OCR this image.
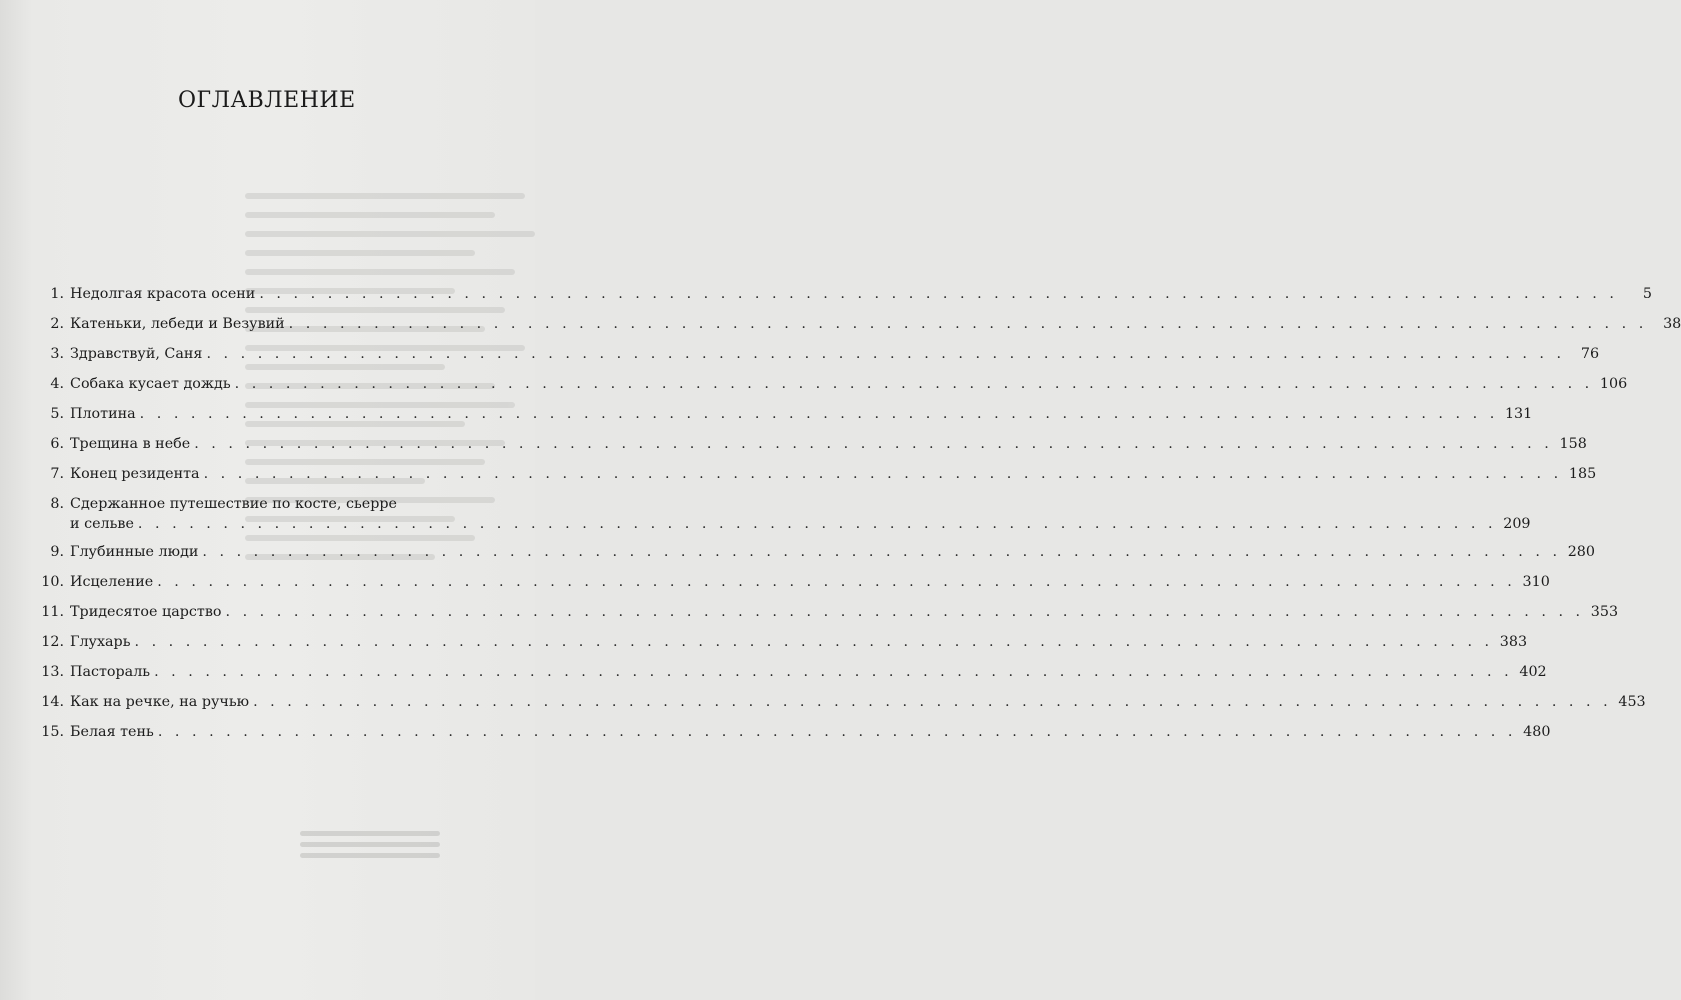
ОГЛАВЛЕНИЕ
1. Недолгая красота осени . . . . . . . . . . . . . . . . . . . . . . . . . . . . . . . . . . . . . . . . . . . . . . . . . . . . . . . . . . . . . . . . . . . . . . . . . . . . . . . .	5
2. Катеньки, лебеди и Везувий . . . . . . . . . . . . . . . . . . . . . . . . . . . . . . . . . . . . . . . . . . . . . . . . . . . . . . . . . . . . . . . . . . . . . . . . . . . . . . . .	38
3. Здравствуй, Саня . . . . . . . . . . . . . . . . . . . . . . . . . . . . . . . . . . . . . . . . . . . . . . . . . . . . . . . . . . . . . . . . . . . . . . . . . . . . . . . .	76
4. Собака кусает дождь . . . . . . . . . . . . . . . . . . . . . . . . . . . . . . . . . . . . . . . . . . . . . . . . . . . . . . . . . . . . . . . . . . . . . . . . . . . . . . . . 106
5. Плотина . . . . . . . . . . . . . . . . . . . . . . . . . . . . . . . . . . . . . . . . . . . . . . . . . . . . . . . . . . . . . . . . . . . . . . . . . . . . . . . . 131
6. Трещина в небе . . . . . . . . . . . . . . . . . . . . . . . . . . . . . . . . . . . . . . . . . . . . . . . . . . . . . . . . . . . . . . . . . . . . . . . . . . . . . . . . 158
7. Конец резидента . . . . . . . . . . . . . . . . . . . . . . . . . . . . . . . . . . . . . . . . . . . . . . . . . . . . . . . . . . . . . . . . . . . . . . . . . . . . . . . . 185
8. Сдержанное путешествие по косте, сьерре
и сельве . . . . . . . . . . . . . . . . . . . . . . . . . . . . . . . . . . . . . . . . . . . . . . . . . . . . . . . . . . . . . . . . . . . . . . . . . . . . . . . . 209
9. Глубинные люди . . . . . . . . . . . . . . . . . . . . . . . . . . . . . . . . . . . . . . . . . . . . . . . . . . . . . . . . . . . . . . . . . . . . . . . . . . . . . . . . 280
10. Исцеление . . . . . . . . . . . . . . . . . . . . . . . . . . . . . . . . . . . . . . . . . . . . . . . . . . . . . . . . . . . . . . . . . . . . . . . . . . . . . . . . 310
11. Тридесятое царство . . . . . . . . . . . . . . . . . . . . . . . . . . . . . . . . . . . . . . . . . . . . . . . . . . . . . . . . . . . . . . . . . . . . . . . . . . . . . . . . 353
12. Глухарь . . . . . . . . . . . . . . . . . . . . . . . . . . . . . . . . . . . . . . . . . . . . . . . . . . . . . . . . . . . . . . . . . . . . . . . . . . . . . . . . 383
13. Пастораль . . . . . . . . . . . . . . . . . . . . . . . . . . . . . . . . . . . . . . . . . . . . . . . . . . . . . . . . . . . . . . . . . . . . . . . . . . . . . . . . 402
14. Как на речке, на ручью . . . . . . . . . . . . . . . . . . . . . . . . . . . . . . . . . . . . . . . . . . . . . . . . . . . . . . . . . . . . . . . . . . . . . . . . . . . . . . . . 453
15. Белая тень . . . . . . . . . . . . . . . . . . . . . . . . . . . . . . . . . . . . . . . . . . . . . . . . . . . . . . . . . . . . . . . . . . . . . . . . . . . . . . . . 480
